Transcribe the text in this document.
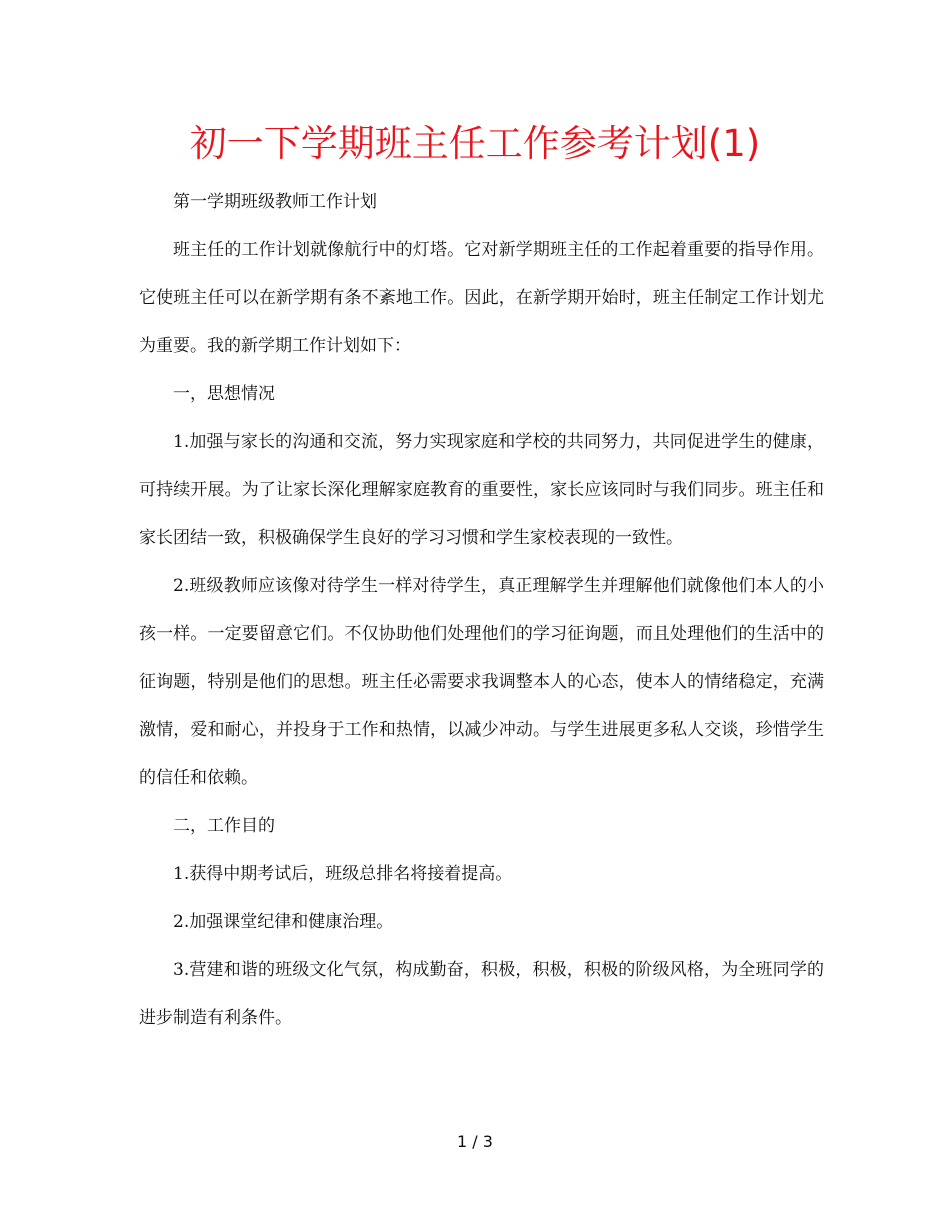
初一下学期班主任工作参考计划(1)

第一学期班级教师工作计划

班主任的工作计划就像航行中的灯塔。它对新学期班主任的工作起着重要的指导作用。它使班主任可以在新学期有条不紊地工作。因此，在新学期开始时，班主任制定工作计划尤为重要。我的新学期工作计划如下：

一，思想情况

1.加强与家长的沟通和交流，努力实现家庭和学校的共同努力，共同促进学生的健康，可持续开展。为了让家长深化理解家庭教育的重要性，家长应该同时与我们同步。班主任和家长团结一致，积极确保学生良好的学习习惯和学生家校表现的一致性。

2.班级教师应该像对待学生一样对待学生，真正理解学生并理解他们就像他们本人的小孩一样。一定要留意它们。不仅协助他们处理他们的学习征询题，而且处理他们的生活中的征询题，特别是他们的思想。班主任必需要求我调整本人的心态，使本人的情绪稳定，充满激情，爱和耐心，并投身于工作和热情，以减少冲动。与学生进展更多私人交谈，珍惜学生的信任和依赖。

二，工作目的

1.获得中期考试后，班级总排名将接着提高。

2.加强课堂纪律和健康治理。

3.营建和谐的班级文化气氛，构成勤奋，积极，积极，积极的阶级风格，为全班同学的进步制造有利条件。

1 / 3
